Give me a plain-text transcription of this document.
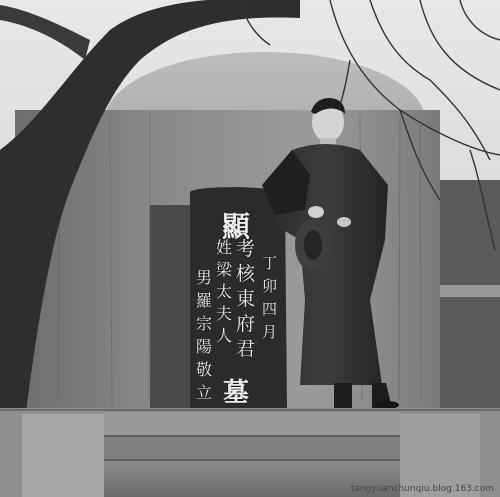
顯
考
核
東
府
君
丁
卯
四
月
姓
梁
太
夫
人
男
羅
宗
陽
敬
立 墓
tangyuanchunqiu.blog.163.com
